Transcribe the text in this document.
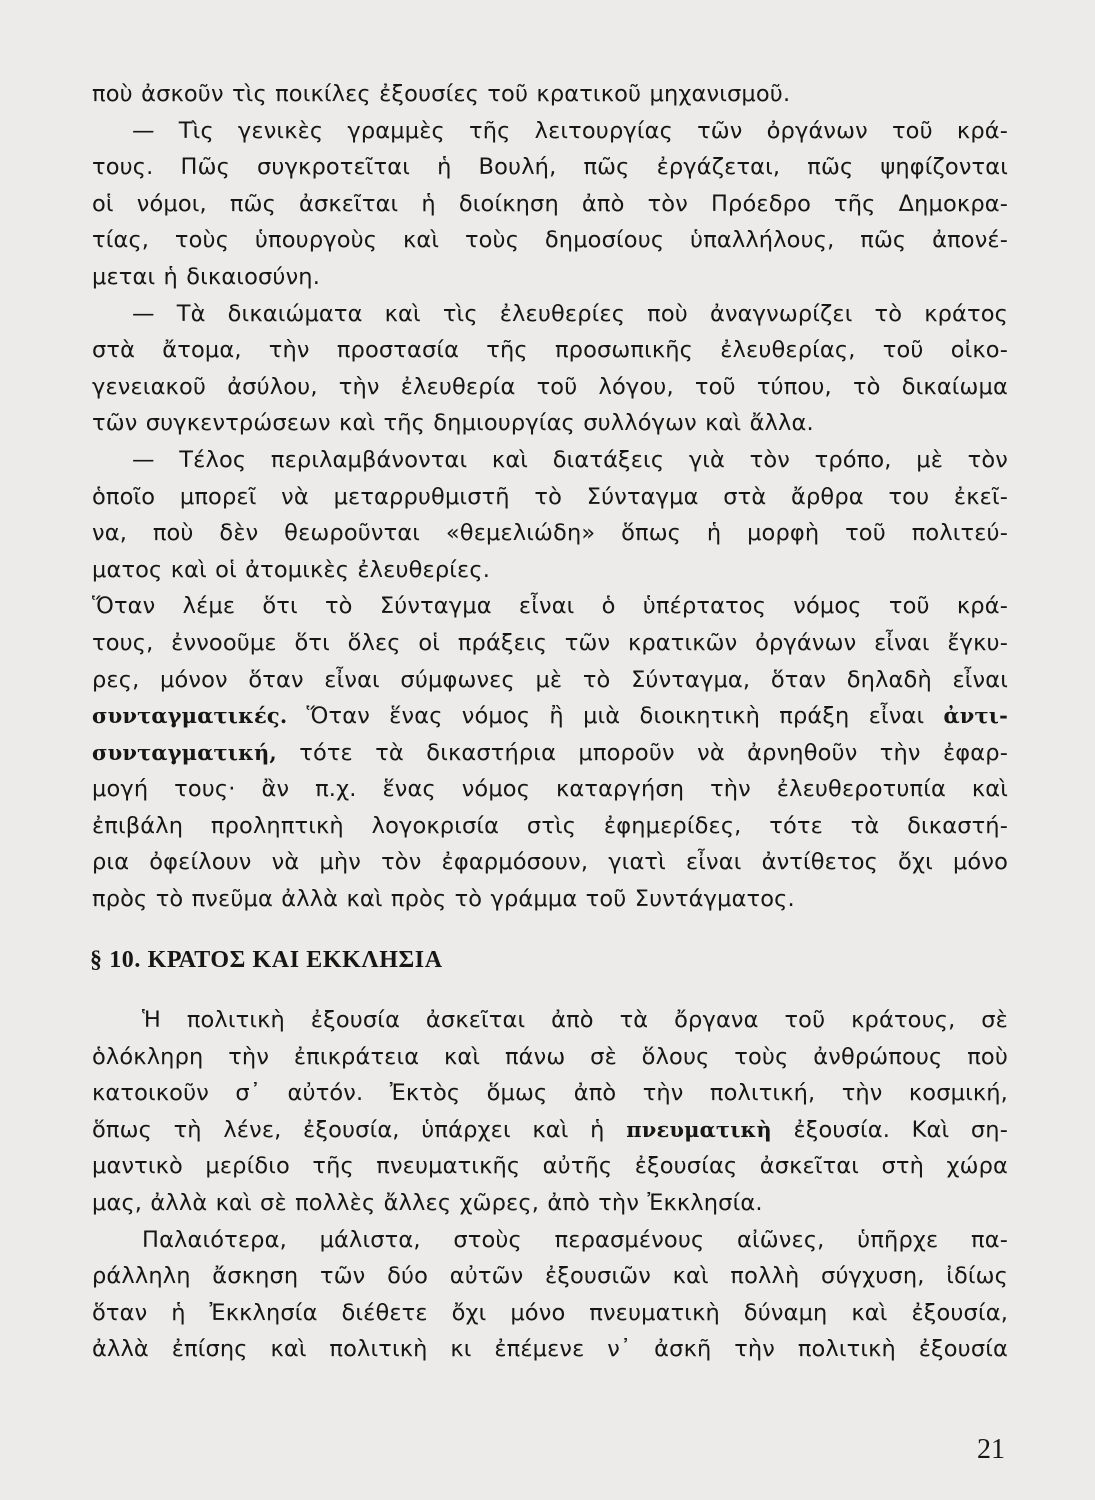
ποὺ ἀσκοῦν τὶς ποικίλες ἐξουσίες τοῦ κρατικοῦ μηχανισμοῦ.
— Τὶς γενικὲς γραμμὲς τῆς λειτουργίας τῶν ὀργάνων τοῦ κρά-
τους. Πῶς συγκροτεῖται ἡ Βουλή, πῶς ἐργάζεται, πῶς ψηφίζονται
οἱ νόμοι, πῶς ἀσκεῖται ἡ διοίκηση ἀπὸ τὸν Πρόεδρο τῆς Δημοκρα-
τίας, τοὺς ὑπουργοὺς καὶ τοὺς δημοσίους ὑπαλλήλους, πῶς ἀπονέ-
μεται ἡ δικαιοσύνη.
— Τὰ δικαιώματα καὶ τὶς ἐλευθερίες ποὺ ἀναγνωρίζει τὸ κράτος
στὰ ἄτομα, τὴν προστασία τῆς προσωπικῆς ἐλευθερίας, τοῦ οἰκο-
γενειακοῦ ἀσύλου, τὴν ἐλευθερία τοῦ λόγου, τοῦ τύπου, τὸ δικαίωμα
τῶν συγκεντρώσεων καὶ τῆς δημιουργίας συλλόγων καὶ ἄλλα.
— Τέλος περιλαμβάνονται καὶ διατάξεις γιὰ τὸν τρόπο, μὲ τὸν
ὁποῖο μπορεῖ νὰ μεταρρυθμιστῆ τὸ Σύνταγμα στὰ ἄρθρα του ἐκεῖ-
να, ποὺ δὲν θεωροῦνται «θεμελιώδη» ὅπως ἡ μορφὴ τοῦ πολιτεύ-
ματος καὶ οἱ ἀτομικὲς ἐλευθερίες.
Ὅταν λέμε ὅτι τὸ Σύνταγμα εἶναι ὁ ὑπέρτατος νόμος τοῦ κρά-
τους, ἐννοοῦμε ὅτι ὅλες οἱ πράξεις τῶν κρατικῶν ὀργάνων εἶναι ἔγκυ-
ρες, μόνον ὅταν εἶναι σύμφωνες μὲ τὸ Σύνταγμα, ὅταν δηλαδὴ εἶναι
συνταγματικές. Ὅταν ἕνας νόμος ἢ μιὰ διοικητικὴ πράξη εἶναι ἀντι-
συνταγματική, τότε τὰ δικαστήρια μποροῦν νὰ ἀρνηθοῦν τὴν ἐφαρ-
μογή τους· ἂν π.χ. ἕνας νόμος καταργήση τὴν ἐλευθεροτυπία καὶ
ἐπιβάλη προληπτικὴ λογοκρισία στὶς ἐφημερίδες, τότε τὰ δικαστή-
ρια ὀφείλουν νὰ μὴν τὸν ἐφαρμόσουν, γιατὶ εἶναι ἀντίθετος ὄχι μόνο
πρὸς τὸ πνεῦμα ἀλλὰ καὶ πρὸς τὸ γράμμα τοῦ Συντάγματος.
§ 10. ΚΡΑΤΟΣ ΚΑΙ ΕΚΚΛΗΣΙΑ
Ἡ πολιτικὴ ἐξουσία ἀσκεῖται ἀπὸ τὰ ὄργανα τοῦ κράτους, σὲ
ὁλόκληρη τὴν ἐπικράτεια καὶ πάνω σὲ ὅλους τοὺς ἀνθρώπους ποὺ
κατοικοῦν σ᾿ αὐτόν. Ἐκτὸς ὅμως ἀπὸ τὴν πολιτική, τὴν κοσμική,
ὅπως τὴ λένε, ἐξουσία, ὑπάρχει καὶ ἡ πνευματικὴ ἐξουσία. Καὶ ση-
μαντικὸ μερίδιο τῆς πνευματικῆς αὐτῆς ἐξουσίας ἀσκεῖται στὴ χώρα
μας, ἀλλὰ καὶ σὲ πολλὲς ἄλλες χῶρες, ἀπὸ τὴν Ἐκκλησία.
Παλαιότερα, μάλιστα, στοὺς περασμένους αἰῶνες, ὑπῆρχε πα-
ράλληλη ἄσκηση τῶν δύο αὐτῶν ἐξουσιῶν καὶ πολλὴ σύγχυση, ἰδίως
ὅταν ἡ Ἐκκλησία διέθετε ὄχι μόνο πνευματικὴ δύναμη καὶ ἐξουσία,
ἀλλὰ ἐπίσης καὶ πολιτικὴ κι ἐπέμενε ν᾿ ἀσκῆ τὴν πολιτικὴ ἐξουσία
21
